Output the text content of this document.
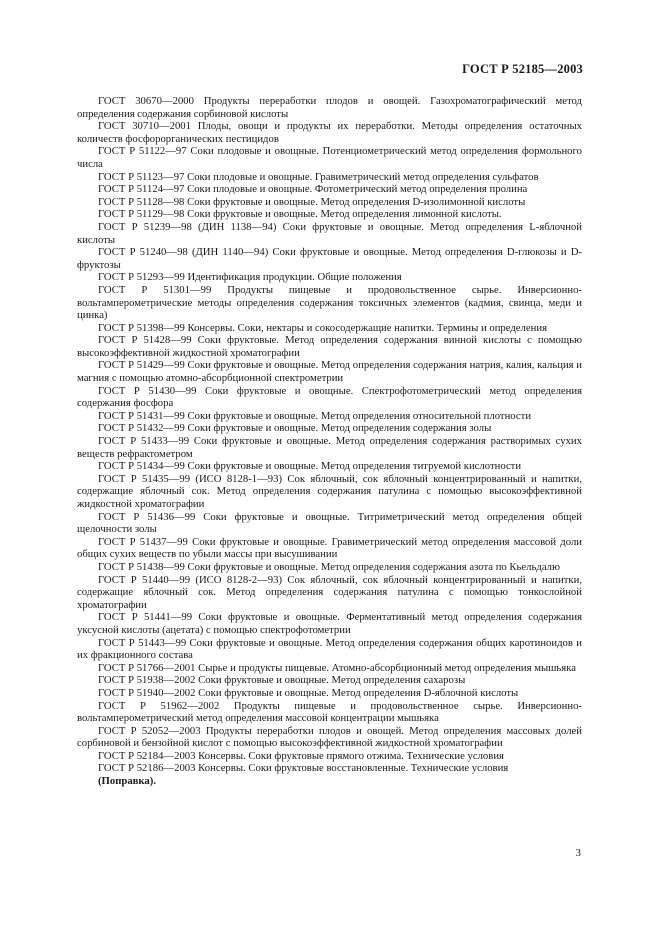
ГОСТ Р 52185—2003

ГОСТ 30670—2000 Продукты переработки плодов и овощей. Газохроматографический метод определения содержания сорбиновой кислоты

ГОСТ 30710—2001 Плоды, овощи и продукты их переработки. Методы определения остаточных количеств фосфорорганических пестицидов

ГОСТ Р 51122—97 Соки плодовые и овощные. Потенциометрический метод определения формольного числа

ГОСТ Р 51123—97 Соки плодовые и овощные. Гравиметрический метод определения сульфатов

ГОСТ Р 51124—97 Соки плодовые и овощные. Фотометрический метод определения пролина

ГОСТ Р 51128—98 Соки фруктовые и овощные. Метод определения D-изолимонной кислоты

ГОСТ Р 51129—98 Соки фруктовые и овощные. Метод определения лимонной кислоты.

ГОСТ Р 51239—98 (ДИН 1138—94) Соки фруктовые и овощные. Метод определения L-яблочной кислоты

ГОСТ Р 51240—98 (ДИН 1140—94) Соки фруктовые и овощные. Метод определения D-глюкозы и D-фруктозы

ГОСТ Р 51293—99 Идентификация продукции. Общие положения

ГОСТ Р 51301—99 Продукты пищевые и продовольственное сырье. Инверсионно-вольтамперометрические методы определения содержания токсичных элементов (кадмия, свинца, меди и цинка)

ГОСТ Р 51398—99 Консервы. Соки, нектары и сокосодержащие напитки. Термины и определения

ГОСТ Р 51428—99 Соки фруктовые. Метод определения содержания винной кислоты с помощью высокоэффективной жидкостной хроматографии

ГОСТ Р 51429—99 Соки фруктовые и овощные. Метод определения содержания натрия, калия, кальция и магния с помощью атомно-абсорбционной спектрометрии

ГОСТ Р 51430—99 Соки фруктовые и овощные. Спектрофотометрический метод определения содержания фосфора

ГОСТ Р 51431—99 Соки фруктовые и овощные. Метод определения относительной плотности

ГОСТ Р 51432—99 Соки фруктовые и овощные. Метод определения содержания золы

ГОСТ Р 51433—99 Соки фруктовые и овощные. Метод определения содержания растворимых сухих веществ рефрактометром

ГОСТ Р 51434—99 Соки фруктовые и овощные. Метод определения титруемой кислотности

ГОСТ Р 51435—99 (ИСО 8128-1—93) Сок яблочный, сок яблочный концентрированный и напитки, содержащие яблочный сок. Метод определения содержания патулина с помощью высокоэффективной жидкостной хроматографии

ГОСТ Р 51436—99 Соки фруктовые и овощные. Титриметрический метод определения общей щелочности золы

ГОСТ Р 51437—99 Соки фруктовые и овощные. Гравиметрический метод определения массовой доли общих сухих веществ по убыли массы при высушивании

ГОСТ Р 51438—99 Соки фруктовые и овощные. Метод определения содержания азота по Кьельдалю

ГОСТ Р 51440—99 (ИСО 8128-2—93) Сок яблочный, сок яблочный концентрированный и напитки, содержащие яблочный сок. Метод определения содержания патулина с помощью тонкослойной хроматографии

ГОСТ Р 51441—99 Соки фруктовые и овощные. Ферментативный метод определения содержания уксусной кислоты (ацетата) с помощью спектрофотометрии

ГОСТ Р 51443—99 Соки фруктовые и овощные. Метод определения содержания общих каротиноидов и их фракционного состава

ГОСТ Р 51766—2001 Сырье и продукты пищевые. Атомно-абсорбционный метод определения мышьяка

ГОСТ Р 51938—2002 Соки фруктовые и овощные. Метод определения сахарозы

ГОСТ Р 51940—2002 Соки фруктовые и овощные. Метод определения D-яблочной кислоты

ГОСТ Р 51962—2002 Продукты пищевые и продовольственное сырье. Инверсионно-вольтамперометрический метод определения массовой концентрации мышьяка

ГОСТ Р 52052—2003 Продукты переработки плодов и овощей. Метод определения массовых долей сорбиновой и бензойной кислот с помощью высокоэффективной жидкостной хроматографии

ГОСТ Р 52184—2003 Консервы. Соки фруктовые прямого отжима. Технические условия

ГОСТ Р 52186—2003 Консервы. Соки фруктовые восстановленные. Технические условия

(Поправка).

3
